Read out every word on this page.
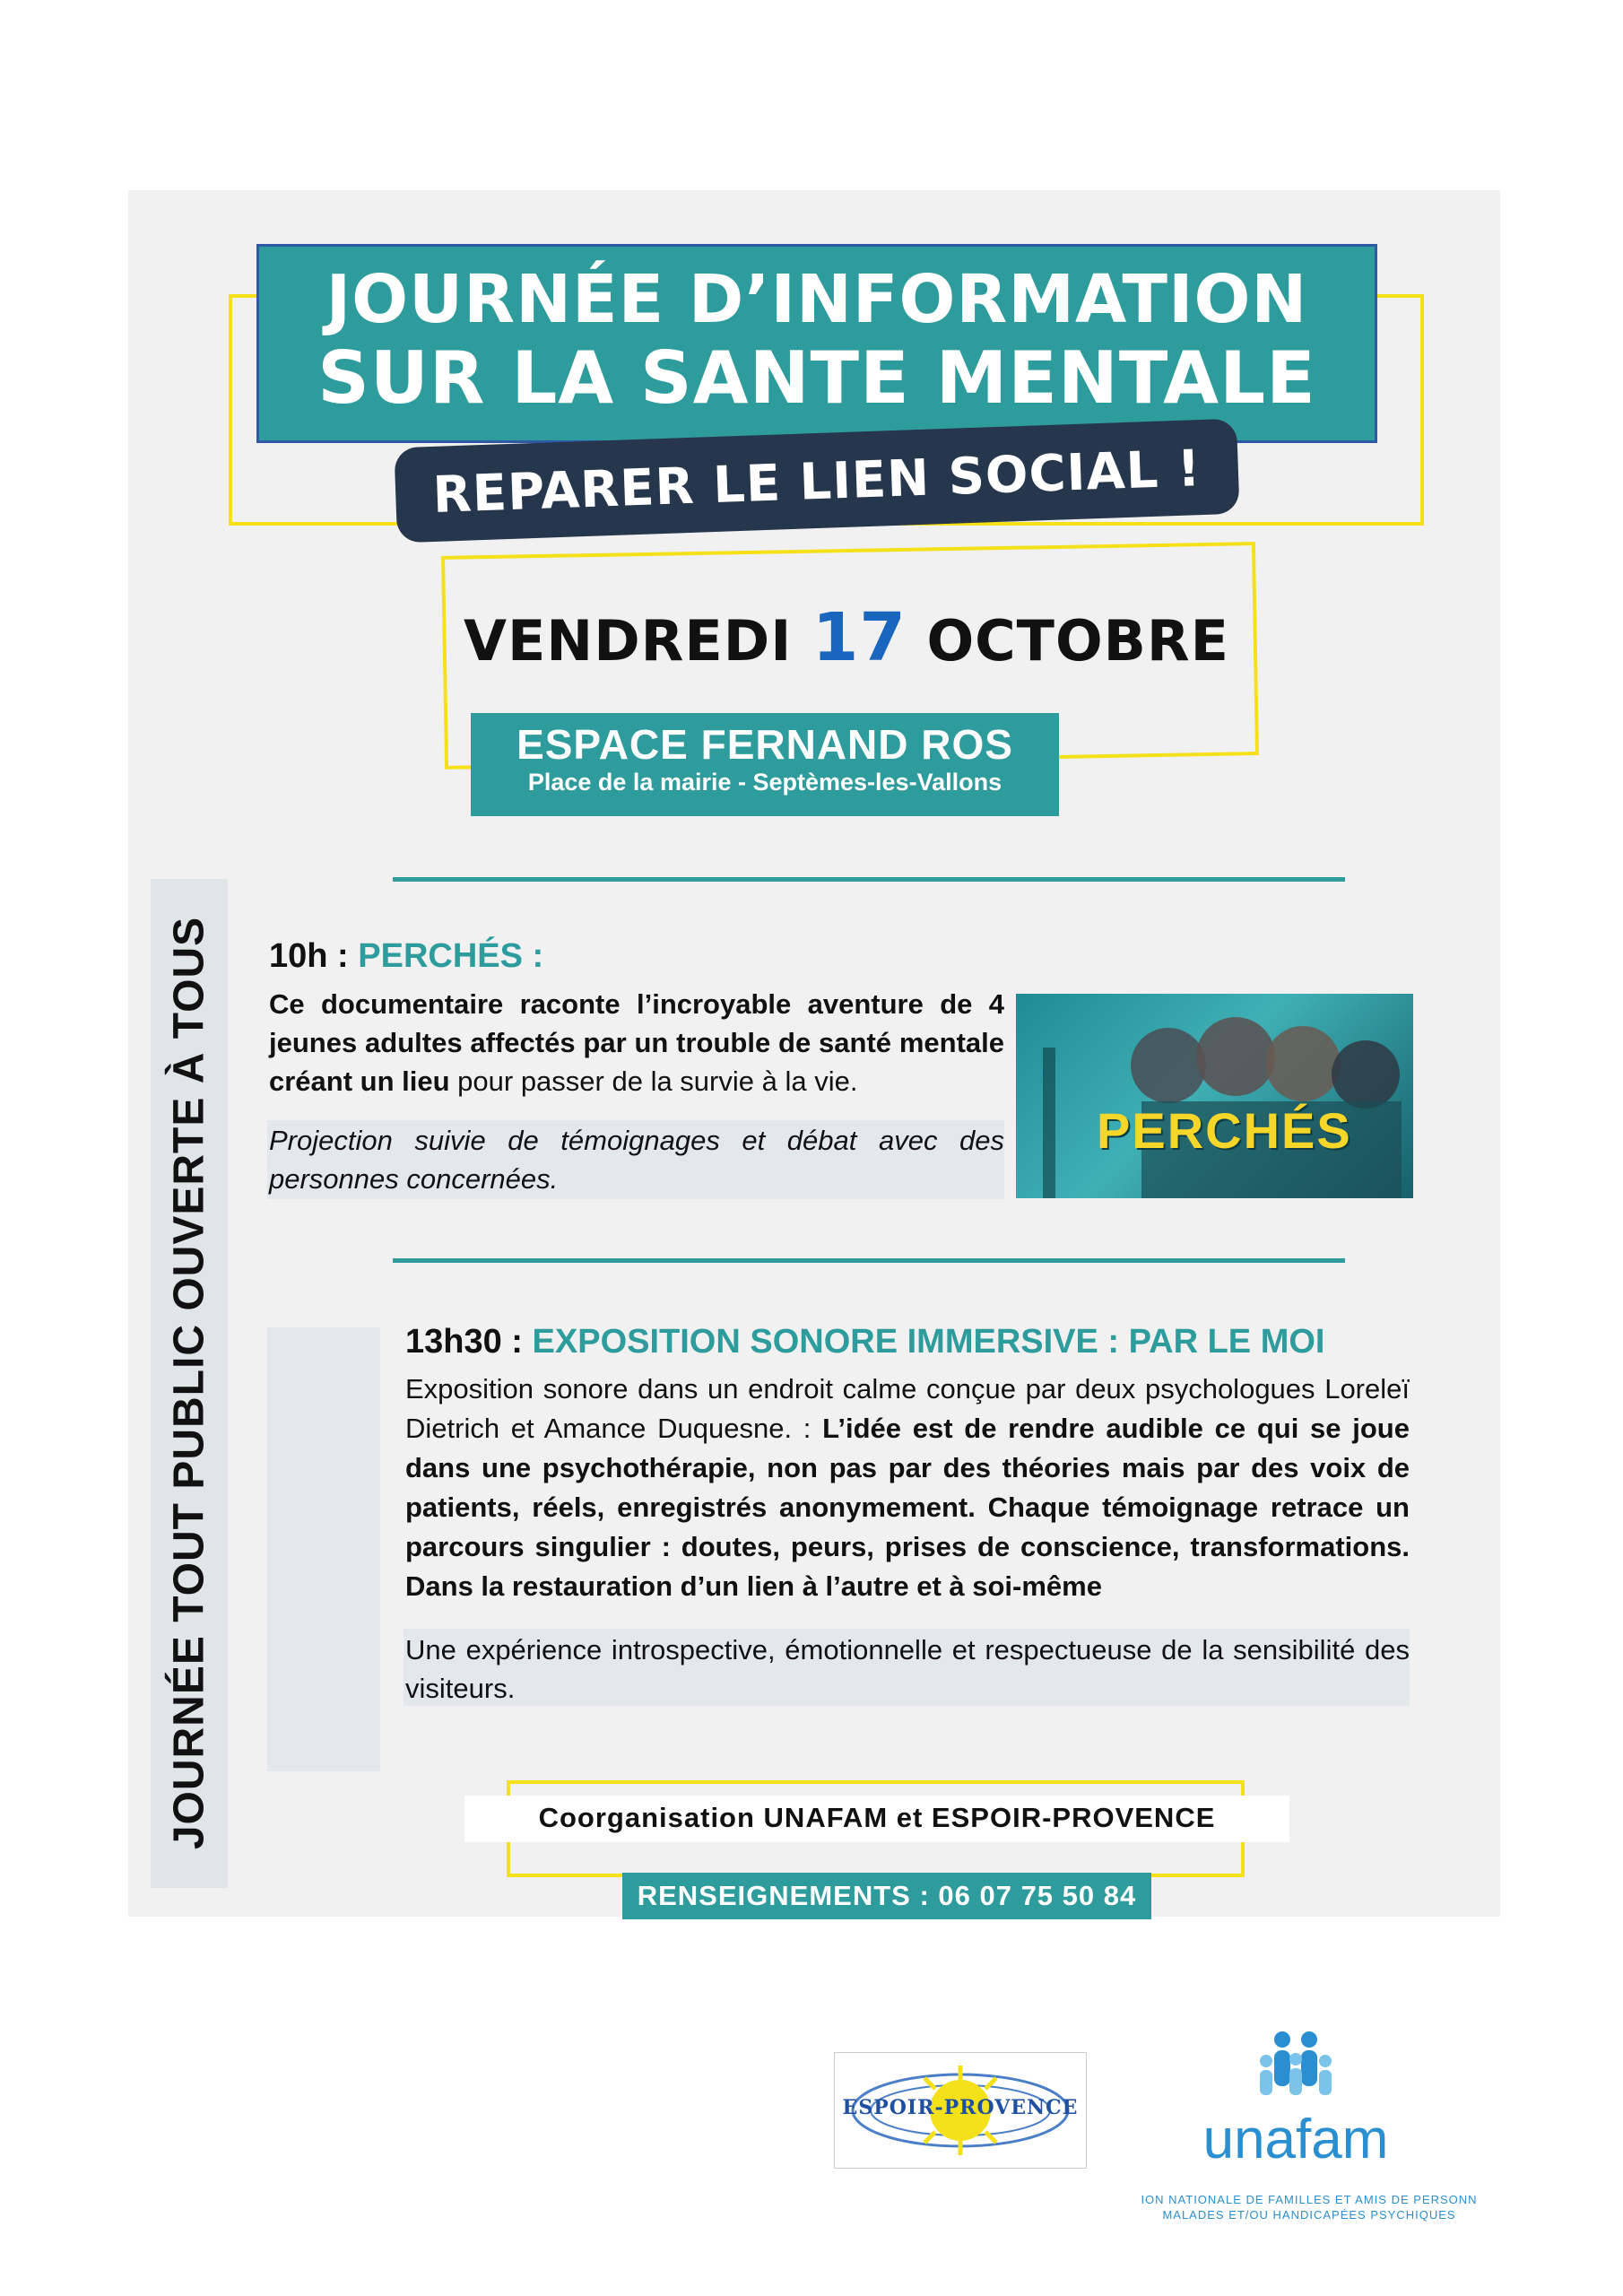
JOURNÉE D’INFORMATION
SUR LA SANTE MENTALE
REPARER LE LIEN SOCIAL !
VENDREDI 17 OCTOBRE
ESPACE FERNAND ROS
Place de la mairie - Septèmes-les-Vallons
JOURNÉE TOUT PUBLIC OUVERTE À TOUS 10h : PERCHÉS :
Ce documentaire raconte l’incroyable aventure de 4 jeunes adultes affectés par un trouble de santé mentale créant un lieu pour passer de la survie à la vie.
Projection suivie de témoignages et débat avec des personnes concernées.
PERCHÉS
13h30 : EXPOSITION SONORE IMMERSIVE : PAR LE MOI
Exposition sonore dans un endroit calme conçue par deux psychologues Loreleï Dietrich et Amance Duquesne. : L’idée est de rendre audible ce qui se joue dans une psychothérapie, non pas par des théories mais par des voix de patients, réels, enregistrés anonymement. Chaque témoignage retrace un parcours singulier : doutes, peurs, prises de conscience, transformations. Dans la restauration d’un lien à l’autre et à soi-même
Une expérience introspective, émotionnelle et respectueuse de la sensibilité des visiteurs.
Coorganisation UNAFAM et ESPOIR-PROVENCE
RENSEIGNEMENTS : 06 07 75 50 84
ESPOIR-PROVENCE
unafam
ION NATIONALE DE FAMILLES ET AMIS DE PERSONN
MALADES ET/OU HANDICAPÉES PSYCHIQUES
